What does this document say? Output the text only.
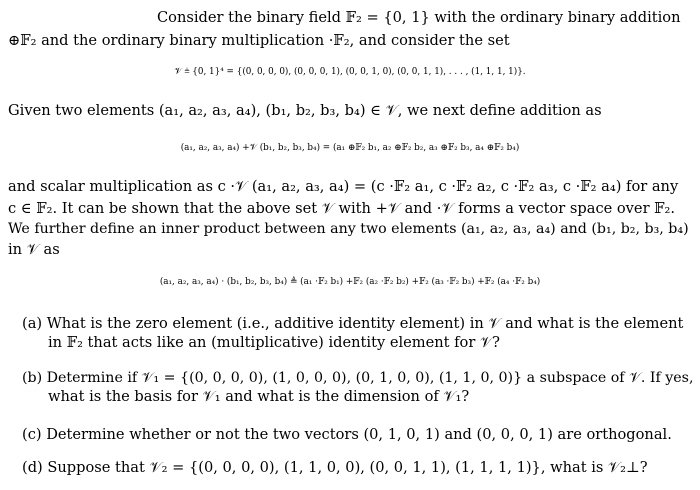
Consider the binary field 𝔽₂ = {0, 1} with the ordinary binary addition
⊕𝔽₂ and the ordinary binary multiplication ·𝔽₂, and consider the set
𝒱 ≜ {0, 1}⁴ = {(0, 0, 0, 0), (0, 0, 0, 1), (0, 0, 1, 0), (0, 0, 1, 1), . . . , (1, 1, 1, 1)}.
Given two elements (a₁, a₂, a₃, a₄), (b₁, b₂, b₃, b₄) ∈ 𝒱, we next define addition as
(a₁, a₂, a₃, a₄) +𝒱 (b₁, b₂, b₃, b₄) = (a₁ ⊕𝔽₂ b₁, a₂ ⊕𝔽₂ b₂, a₃ ⊕𝔽₂ b₃, a₄ ⊕𝔽₂ b₄)
and scalar multiplication as c ·𝒱 (a₁, a₂, a₃, a₄) = (c ·𝔽₂ a₁, c ·𝔽₂ a₂, c ·𝔽₂ a₃, c ·𝔽₂ a₄) for any
c ∈ 𝔽₂. It can be shown that the above set 𝒱 with +𝒱 and ·𝒱 forms a vector space over 𝔽₂.
We further define an inner product between any two elements (a₁, a₂, a₃, a₄) and (b₁, b₂, b₃, b₄)
in 𝒱 as
(a₁, a₂, a₃, a₄) · (b₁, b₂, b₃, b₄) ≜ (a₁ ·𝔽₂ b₁) +𝔽₂ (a₂ ·𝔽₂ b₂) +𝔽₂ (a₃ ·𝔽₂ b₃) +𝔽₂ (a₄ ·𝔽₂ b₄)
(a) What is the zero element (i.e., additive identity element) in 𝒱 and what is the element
in 𝔽₂ that acts like an (multiplicative) identity element for 𝒱?
(b) Determine if 𝒱₁ = {(0, 0, 0, 0), (1, 0, 0, 0), (0, 1, 0, 0), (1, 1, 0, 0)} a subspace of 𝒱. If yes,
what is the basis for 𝒱₁ and what is the dimension of 𝒱₁?
(c) Determine whether or not the two vectors (0, 1, 0, 1) and (0, 0, 0, 1) are orthogonal.
(d) Suppose that 𝒱₂ = {(0, 0, 0, 0), (1, 1, 0, 0), (0, 0, 1, 1), (1, 1, 1, 1)}, what is 𝒱₂⊥?
